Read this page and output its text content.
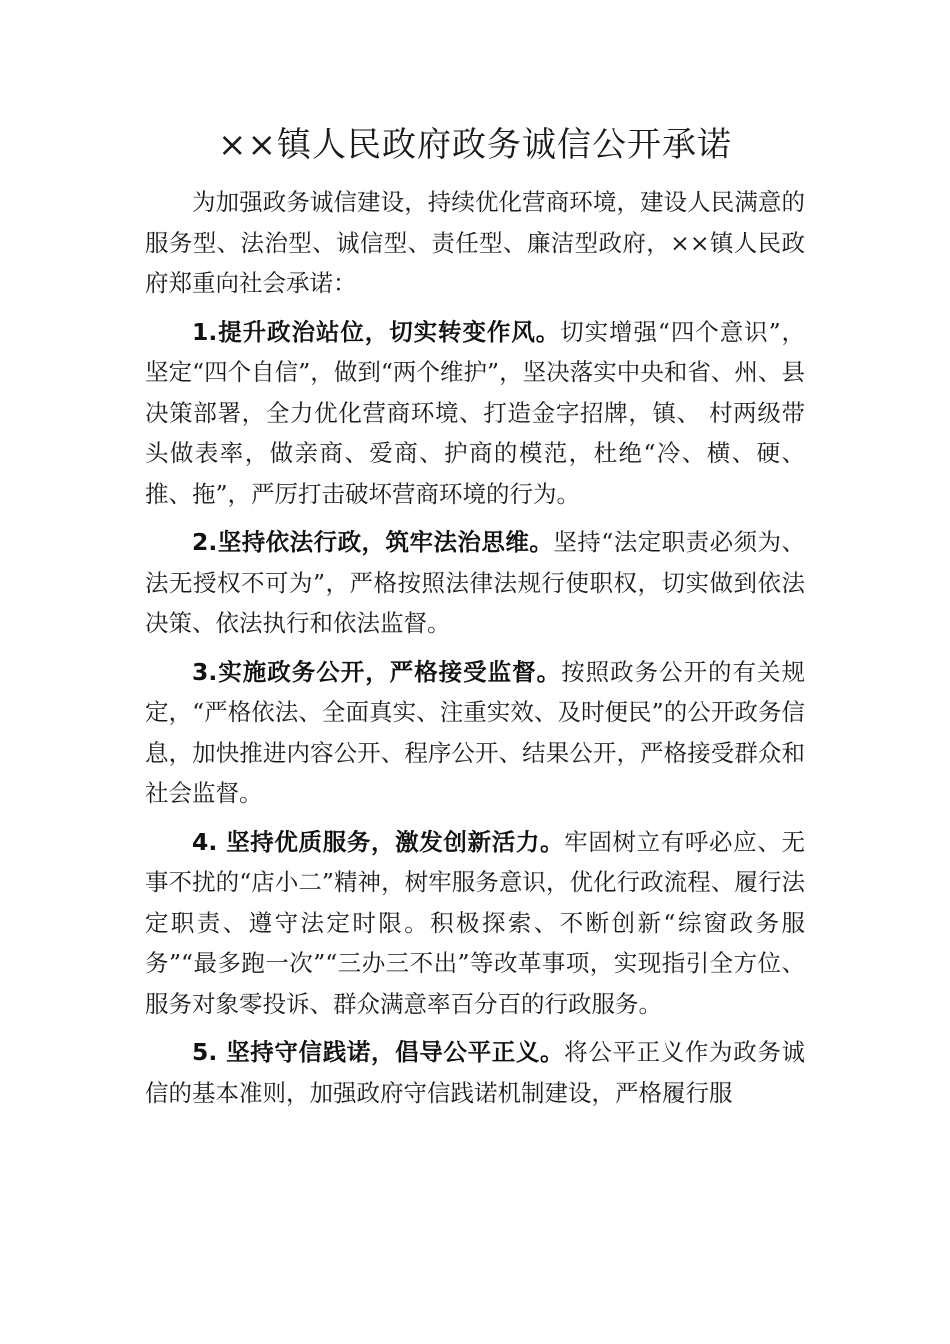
××镇人民政府政务诚信公开承诺

为加强政务诚信建设，持续优化营商环境，建设人民满意的服务型、法治型、诚信型、责任型、廉洁型政府，××镇人民政府郑重向社会承诺：

1.提升政治站位，切实转变作风。切实增强“四个意识”，坚定“四个自信”，做到“两个维护”，坚决落实中央和省、州、县决策部署，全力优化营商环境、打造金字招牌，镇、 村两级带头做表率，做亲商、爱商、护商的模范，杜绝“冷、横、硬、推、拖”，严厉打击破坏营商环境的行为。

2.坚持依法行政，筑牢法治思维。坚持“法定职责必须为、法无授权不可为”，严格按照法律法规行使职权，切实做到依法决策、依法执行和依法监督。

3.实施政务公开，严格接受监督。按照政务公开的有关规定，“严格依法、全面真实、注重实效、及时便民”的公开政务信息，加快推进内容公开、程序公开、结果公开，严格接受群众和社会监督。

4. 坚持优质服务，激发创新活力。牢固树立有呼必应、无事不扰的“店小二”精神，树牢服务意识，优化行政流程、履行法定职责、遵守法定时限。积极探索、不断创新“综窗政务服务”“最多跑一次”“三办三不出”等改革事项，实现指引全方位、服务对象零投诉、群众满意率百分百的行政服务。

5. 坚持守信践诺，倡导公平正义。将公平正义作为政务诚信的基本准则，加强政府守信践诺机制建设，严格履行服
